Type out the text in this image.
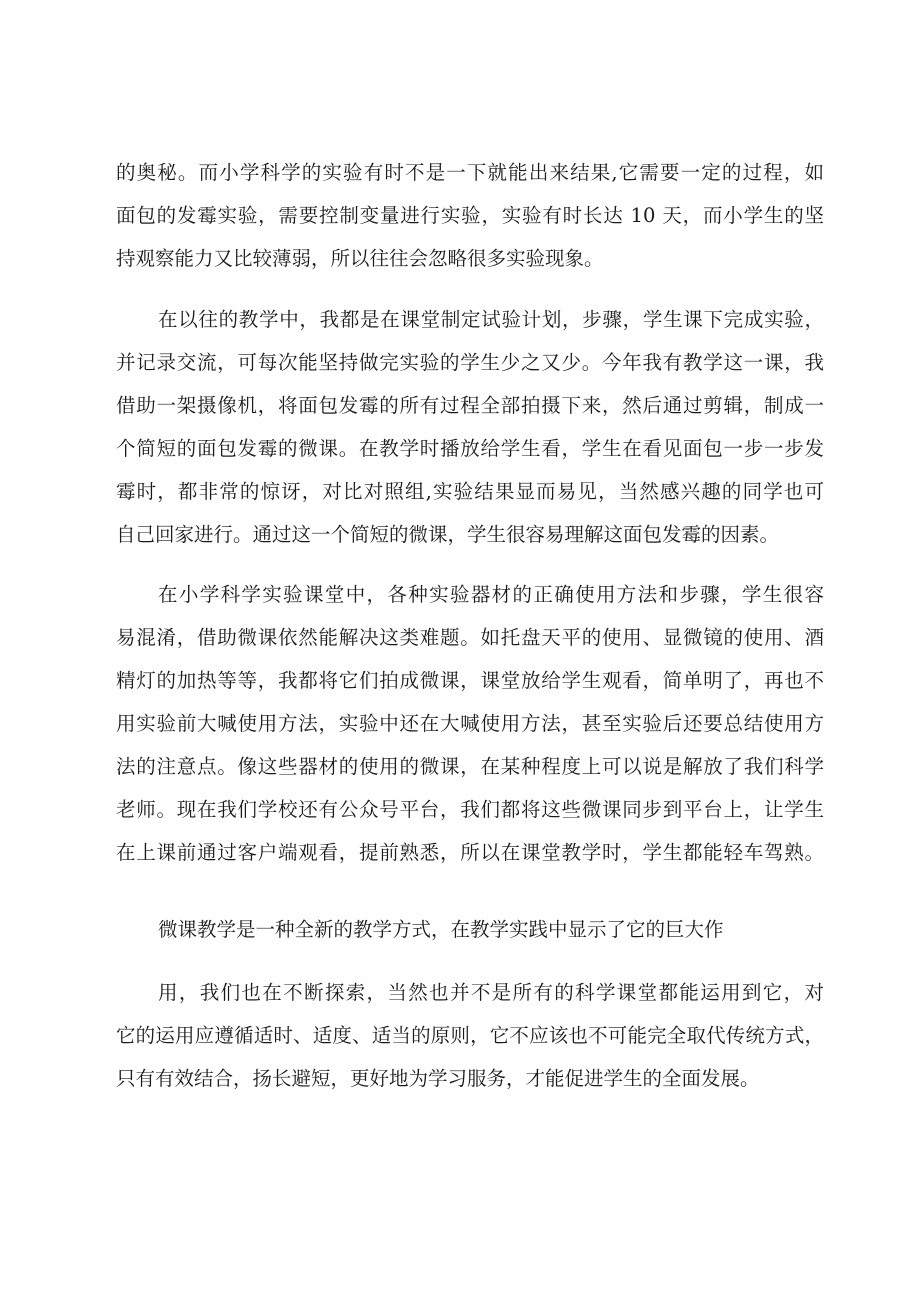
的奥秘。而小学科学的实验有时不是一下就能出来结果,它需要一定的过程，如
面包的发霉实验，需要控制变量进行实验，实验有时长达 10 天，而小学生的坚
持观察能力又比较薄弱，所以往往会忽略很多实验现象。
在以往的教学中，我都是在课堂制定试验计划，步骤，学生课下完成实验，
并记录交流，可每次能坚持做完实验的学生少之又少。今年我有教学这一课，我
借助一架摄像机，将面包发霉的所有过程全部拍摄下来，然后通过剪辑，制成一
个简短的面包发霉的微课。在教学时播放给学生看，学生在看见面包一步一步发
霉时，都非常的惊讶，对比对照组,实验结果显而易见，当然感兴趣的同学也可
自己回家进行。通过这一个简短的微课，学生很容易理解这面包发霉的因素。
在小学科学实验课堂中，各种实验器材的正确使用方法和步骤，学生很容
易混淆，借助微课依然能解决这类难题。如托盘天平的使用、显微镜的使用、酒
精灯的加热等等，我都将它们拍成微课，课堂放给学生观看，简单明了，再也不
用实验前大喊使用方法，实验中还在大喊使用方法，甚至实验后还要总结使用方
法的注意点。像这些器材的使用的微课，在某种程度上可以说是解放了我们科学
老师。现在我们学校还有公众号平台，我们都将这些微课同步到平台上，让学生
在上课前通过客户端观看，提前熟悉，所以在课堂教学时，学生都能轻车驾熟。
微课教学是一种全新的教学方式，在教学实践中显示了它的巨大作
用，我们也在不断探索，当然也并不是所有的科学课堂都能运用到它，对
它的运用应遵循适时、适度、适当的原则，它不应该也不可能完全取代传统方式，
只有有效结合，扬长避短，更好地为学习服务，才能促进学生的全面发展。
